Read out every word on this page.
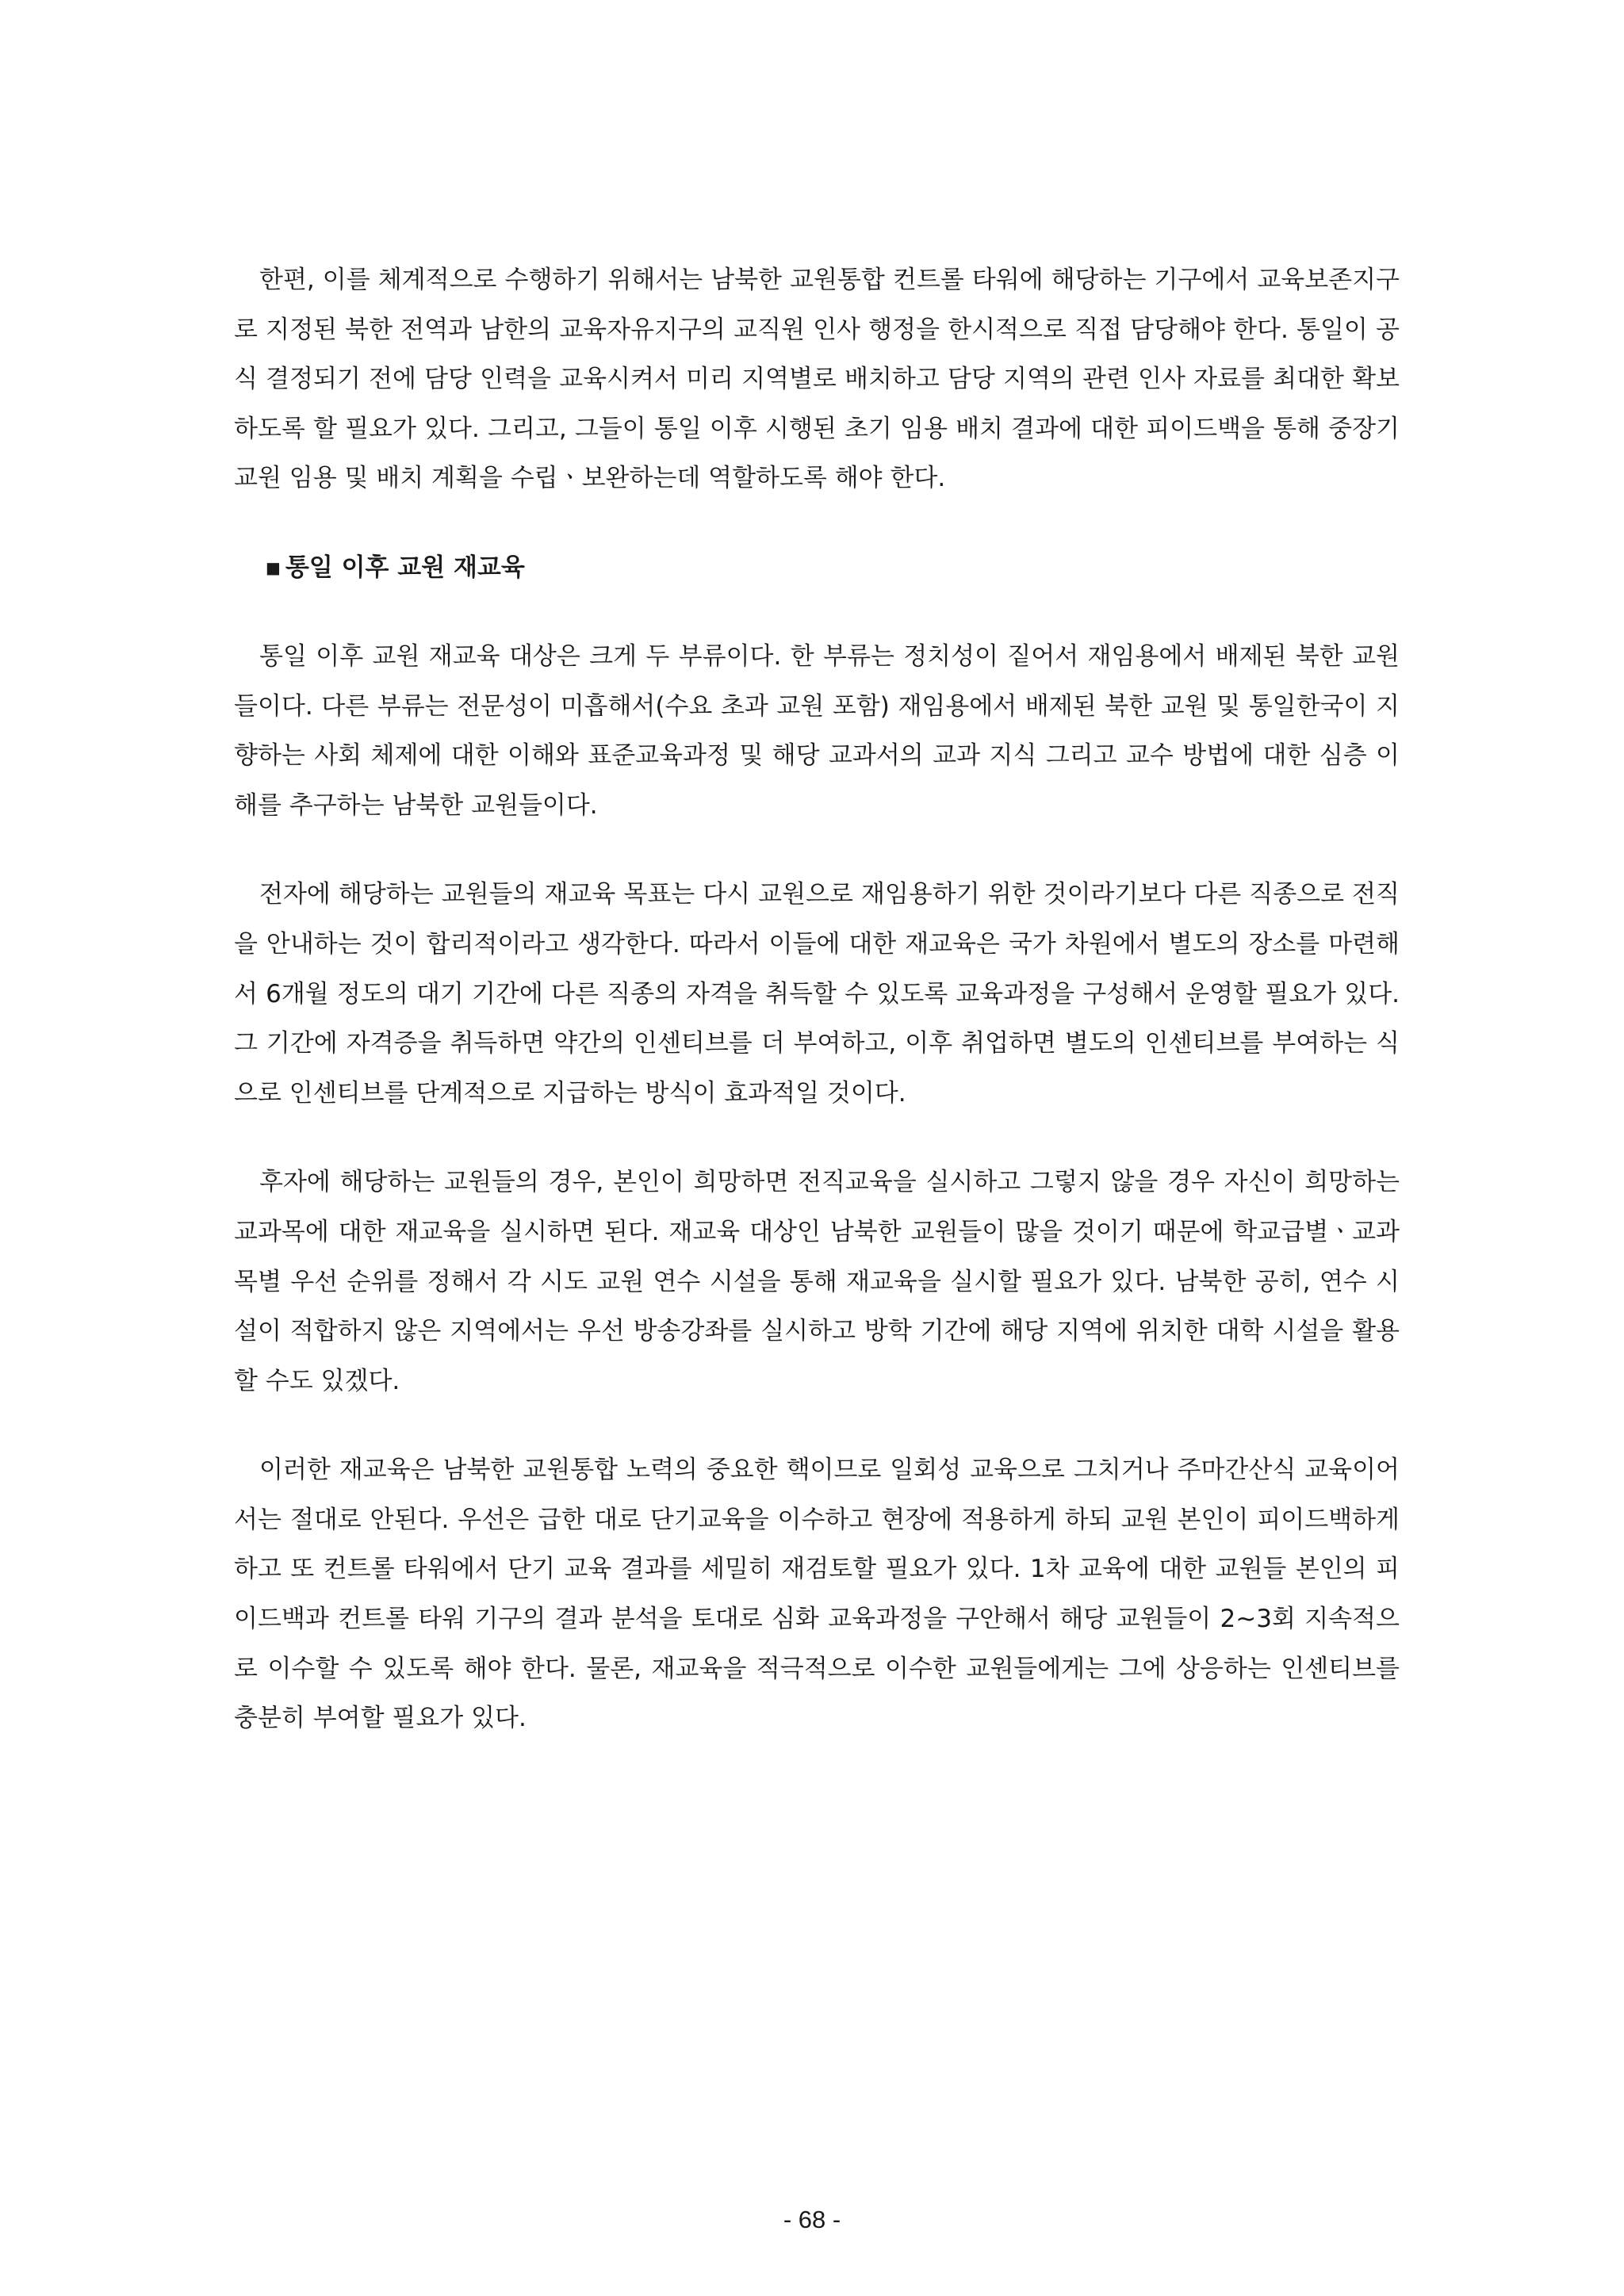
한편, 이를 체계적으로 수행하기 위해서는 남북한 교원통합 컨트롤 타워에 해당하는 기구에서 교육보존지구로 지정된 북한 전역과 남한의 교육자유지구의 교직원 인사 행정을 한시적으로 직접 담당해야 한다. 통일이 공식 결정되기 전에 담당 인력을 교육시켜서 미리 지역별로 배치하고 담당 지역의 관련 인사 자료를 최대한 확보하도록 할 필요가 있다. 그리고, 그들이 통일 이후 시행된 초기 임용 배치 결과에 대한 피이드백을 통해 중장기 교원 임용 및 배치 계획을 수립ㆍ보완하는데 역할하도록 해야 한다.

■ 통일 이후 교원 재교육

통일 이후 교원 재교육 대상은 크게 두 부류이다. 한 부류는 정치성이 짙어서 재임용에서 배제된 북한 교원들이다. 다른 부류는 전문성이 미흡해서(수요 초과 교원 포함) 재임용에서 배제된 북한 교원 및 통일한국이 지향하는 사회 체제에 대한 이해와 표준교육과정 및 해당 교과서의 교과 지식 그리고 교수 방법에 대한 심층 이해를 추구하는 남북한 교원들이다.

전자에 해당하는 교원들의 재교육 목표는 다시 교원으로 재임용하기 위한 것이라기보다 다른 직종으로 전직을 안내하는 것이 합리적이라고 생각한다. 따라서 이들에 대한 재교육은 국가 차원에서 별도의 장소를 마련해서 6개월 정도의 대기 기간에 다른 직종의 자격을 취득할 수 있도록 교육과정을 구성해서 운영할 필요가 있다. 그 기간에 자격증을 취득하면 약간의 인센티브를 더 부여하고, 이후 취업하면 별도의 인센티브를 부여하는 식으로 인센티브를 단계적으로 지급하는 방식이 효과적일 것이다.

후자에 해당하는 교원들의 경우, 본인이 희망하면 전직교육을 실시하고 그렇지 않을 경우 자신이 희망하는 교과목에 대한 재교육을 실시하면 된다. 재교육 대상인 남북한 교원들이 많을 것이기 때문에 학교급별ㆍ교과목별 우선 순위를 정해서 각 시도 교원 연수 시설을 통해 재교육을 실시할 필요가 있다. 남북한 공히, 연수 시설이 적합하지 않은 지역에서는 우선 방송강좌를 실시하고 방학 기간에 해당 지역에 위치한 대학 시설을 활용할 수도 있겠다.

이러한 재교육은 남북한 교원통합 노력의 중요한 핵이므로 일회성 교육으로 그치거나 주마간산식 교육이어서는 절대로 안된다. 우선은 급한 대로 단기교육을 이수하고 현장에 적용하게 하되 교원 본인이 피이드백하게 하고 또 컨트롤 타워에서 단기 교육 결과를 세밀히 재검토할 필요가 있다. 1차 교육에 대한 교원들 본인의 피이드백과 컨트롤 타워 기구의 결과 분석을 토대로 심화 교육과정을 구안해서 해당 교원들이 2~3회 지속적으로 이수할 수 있도록 해야 한다. 물론, 재교육을 적극적으로 이수한 교원들에게는 그에 상응하는 인센티브를 충분히 부여할 필요가 있다.

- 68 -
